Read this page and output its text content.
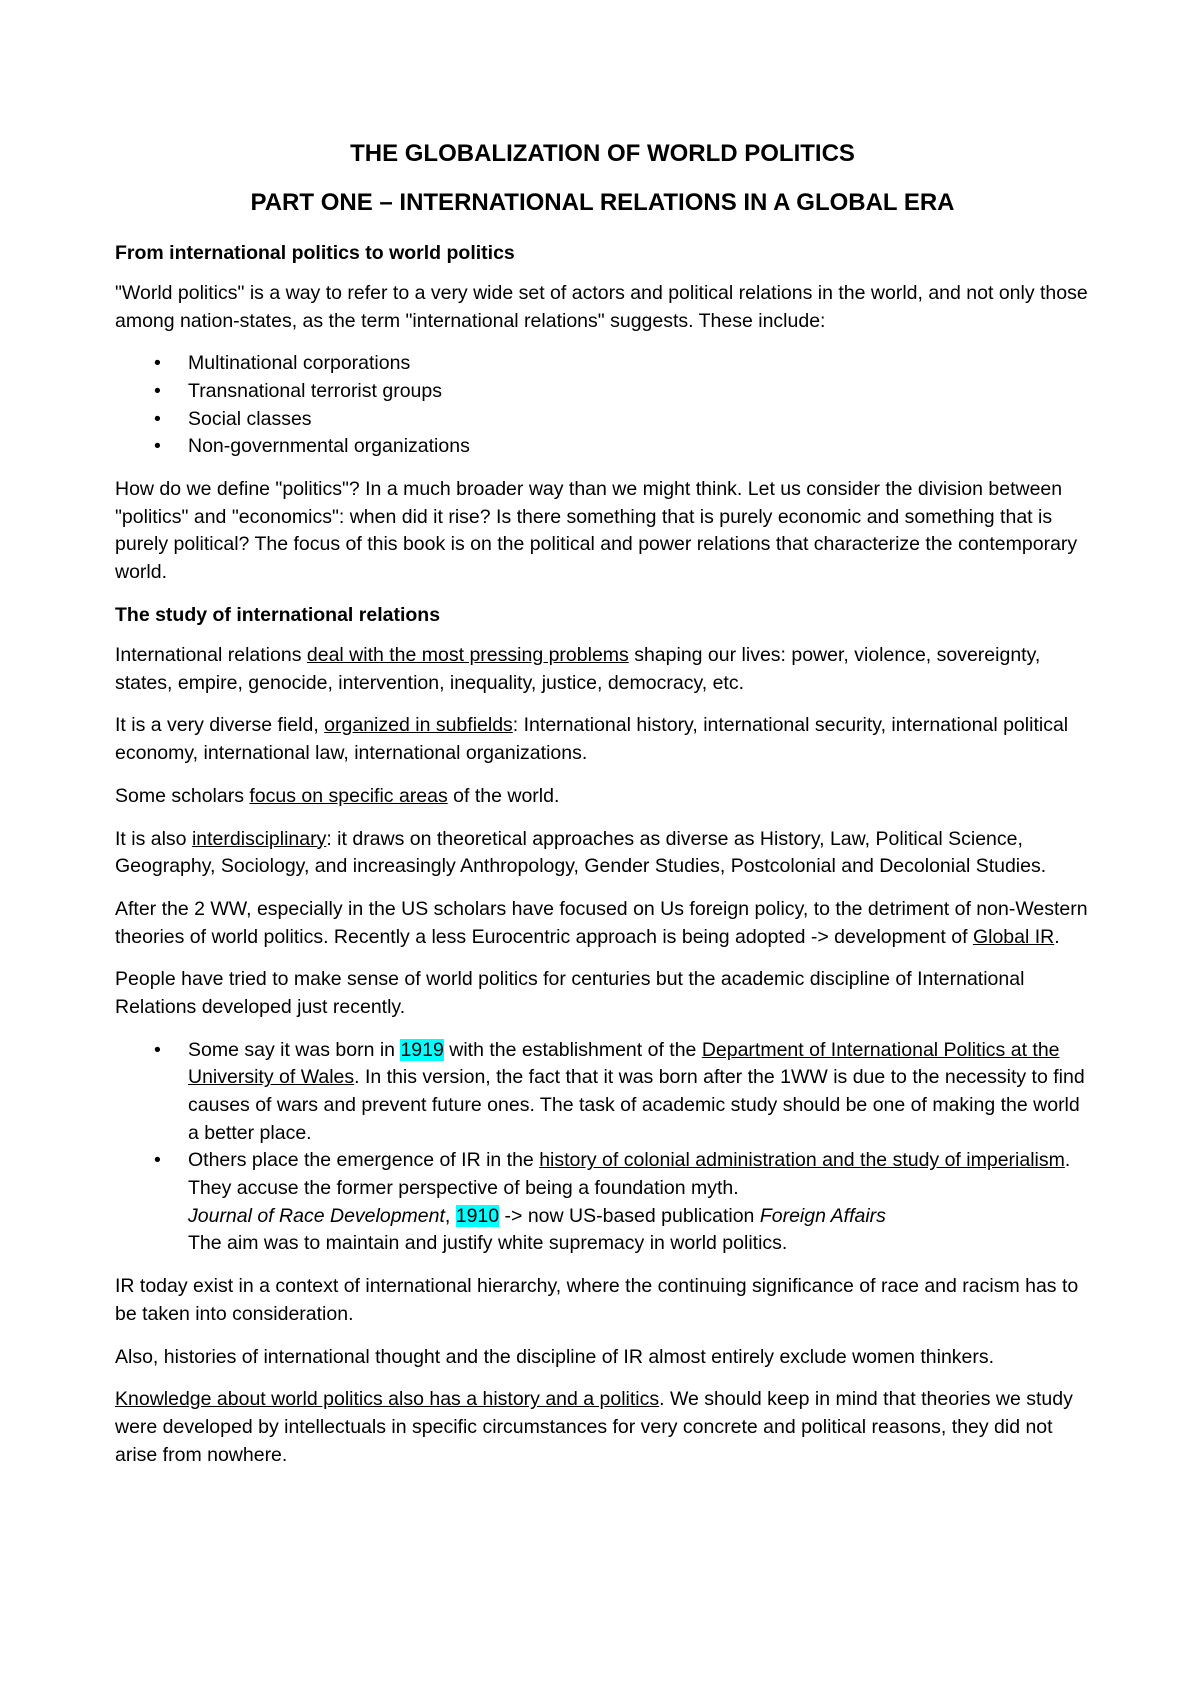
THE GLOBALIZATION OF WORLD POLITICS
PART ONE – INTERNATIONAL RELATIONS IN A GLOBAL ERA
From international politics to world politics

"World politics" is a way to refer to a very wide set of actors and political relations in the world, and not only those among nation-states, as the term "international relations" suggests. These include:

• Multinational corporations
• Transnational terrorist groups
• Social classes
• Non-governmental organizations

How do we define "politics"? In a much broader way than we might think. Let us consider the division between "politics" and "economics": when did it rise? Is there something that is purely economic and something that is purely political? The focus of this book is on the political and power relations that characterize the contemporary world.

The study of international relations

International relations deal with the most pressing problems shaping our lives: power, violence, sovereignty, states, empire, genocide, intervention, inequality, justice, democracy, etc.

It is a very diverse field, organized in subfields: International history, international security, international political economy, international law, international organizations.

Some scholars focus on specific areas of the world.

It is also interdisciplinary: it draws on theoretical approaches as diverse as History, Law, Political Science, Geography, Sociology, and increasingly Anthropology, Gender Studies, Postcolonial and Decolonial Studies.

After the 2 WW, especially in the US scholars have focused on Us foreign policy, to the detriment of non-Western theories of world politics. Recently a less Eurocentric approach is being adopted -> development of Global IR.

People have tried to make sense of world politics for centuries but the academic discipline of International Relations developed just recently.

• Some say it was born in 1919 with the establishment of the Department of International Politics at the University of Wales. In this version, the fact that it was born after the 1WW is due to the necessity to find causes of wars and prevent future ones. The task of academic study should be one of making the world a better place.
• Others place the emergence of IR in the history of colonial administration and the study of imperialism. They accuse the former perspective of being a foundation myth.
Journal of Race Development, 1910 -> now US-based publication Foreign Affairs
The aim was to maintain and justify white supremacy in world politics.

IR today exist in a context of international hierarchy, where the continuing significance of race and racism has to be taken into consideration.

Also, histories of international thought and the discipline of IR almost entirely exclude women thinkers.

Knowledge about world politics also has a history and a politics. We should keep in mind that theories we study were developed by intellectuals in specific circumstances for very concrete and political reasons, they did not arise from nowhere.
